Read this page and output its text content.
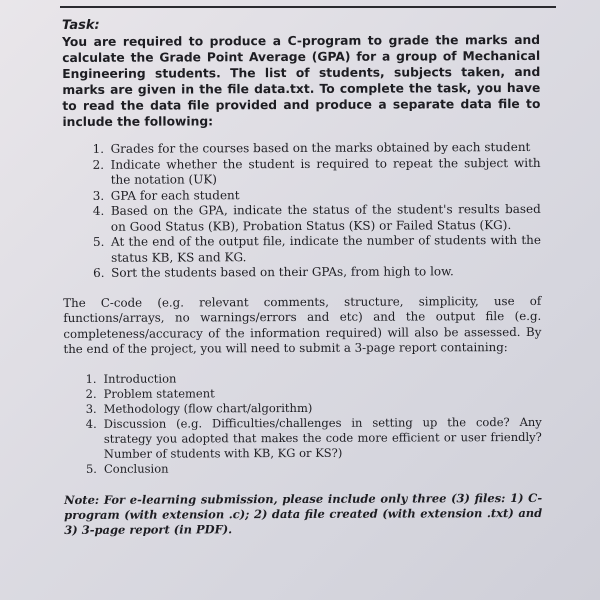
Task:

You are required to produce a C-program to grade the marks and calculate the Grade Point Average (GPA) for a group of Mechanical Engineering students. The list of students, subjects taken, and marks are given in the file data.txt. To complete the task, you have to read the data file provided and produce a separate data file to include the following:

1. Grades for the courses based on the marks obtained by each student
2. Indicate whether the student is required to repeat the subject with the notation (UK)
3. GPA for each student
4. Based on the GPA, indicate the status of the student's results based on Good Status (KB), Probation Status (KS) or Failed Status (KG).
5. At the end of the output file, indicate the number of students with the status KB, KS and KG.
6. Sort the students based on their GPAs, from high to low.

The C-code (e.g. relevant comments, structure, simplicity, use of functions/arrays, no warnings/errors and etc) and the output file (e.g. completeness/accuracy of the information required) will also be assessed. By the end of the project, you will need to submit a 3-page report containing:

1. Introduction
2. Problem statement
3. Methodology (flow chart/algorithm)
4. Discussion (e.g. Difficulties/challenges in setting up the code? Any strategy you adopted that makes the code more efficient or user friendly? Number of students with KB, KG or KS?)
5. Conclusion

Note: For e-learning submission, please include only three (3) files: 1) C-program (with extension .c); 2) data file created (with extension .txt) and 3) 3-page report (in PDF).
